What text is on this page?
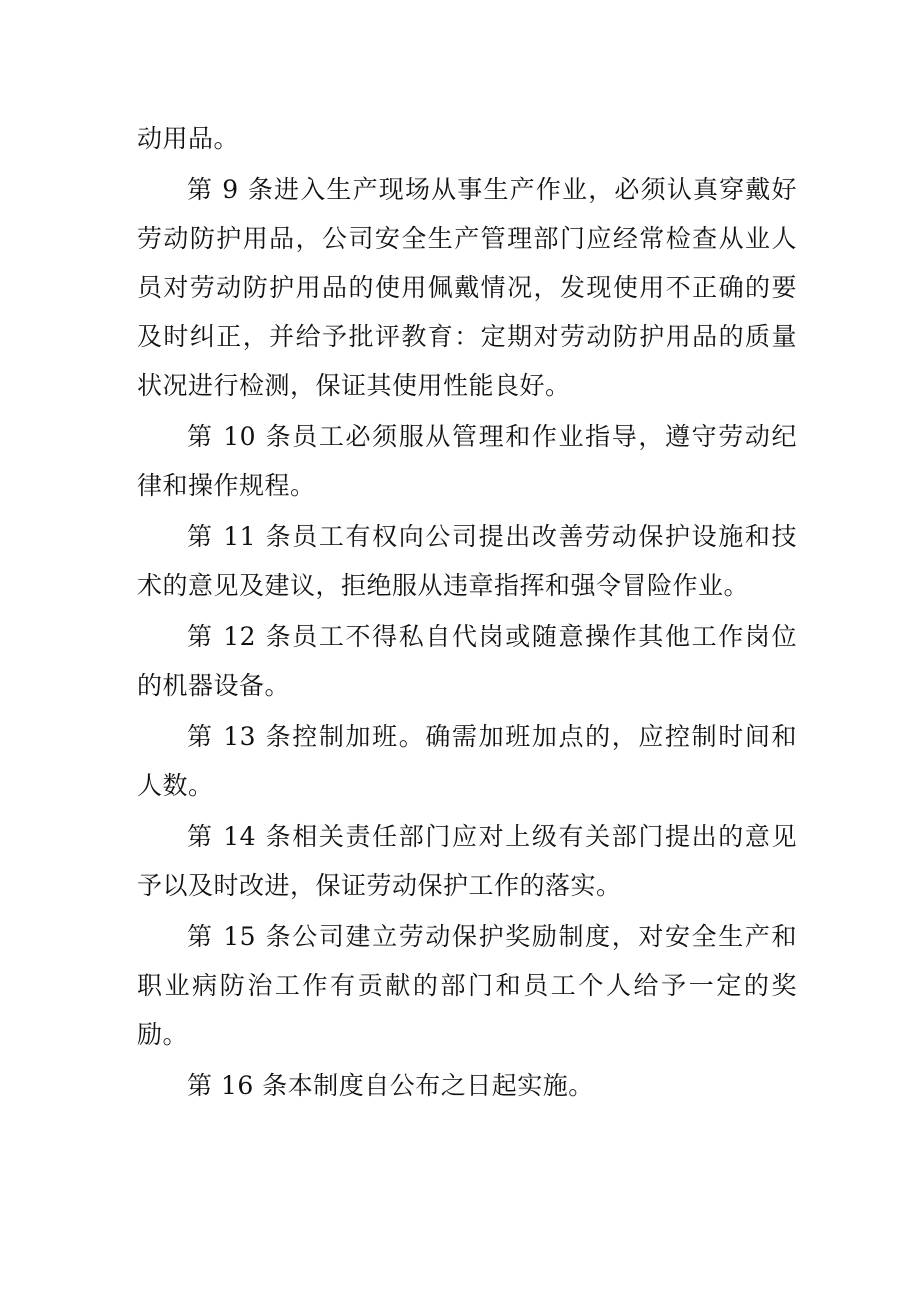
动用品。

第 9 条进入生产现场从事生产作业，必须认真穿戴好劳动防护用品，公司安全生产管理部门应经常检查从业人员对劳动防护用品的使用佩戴情况，发现使用不正确的要及时纠正，并给予批评教育：定期对劳动防护用品的质量状况进行检测，保证其使用性能良好。

第 10 条员工必须服从管理和作业指导，遵守劳动纪律和操作规程。

第 11 条员工有权向公司提出改善劳动保护设施和技术的意见及建议，拒绝服从违章指挥和强令冒险作业。

第 12 条员工不得私自代岗或随意操作其他工作岗位的机器设备。

第 13 条控制加班。确需加班加点的，应控制时间和人数。

第 14 条相关责任部门应对上级有关部门提出的意见予以及时改进，保证劳动保护工作的落实。

第 15 条公司建立劳动保护奖励制度，对安全生产和职业病防治工作有贡献的部门和员工个人给予一定的奖励。

第 16 条本制度自公布之日起实施。
